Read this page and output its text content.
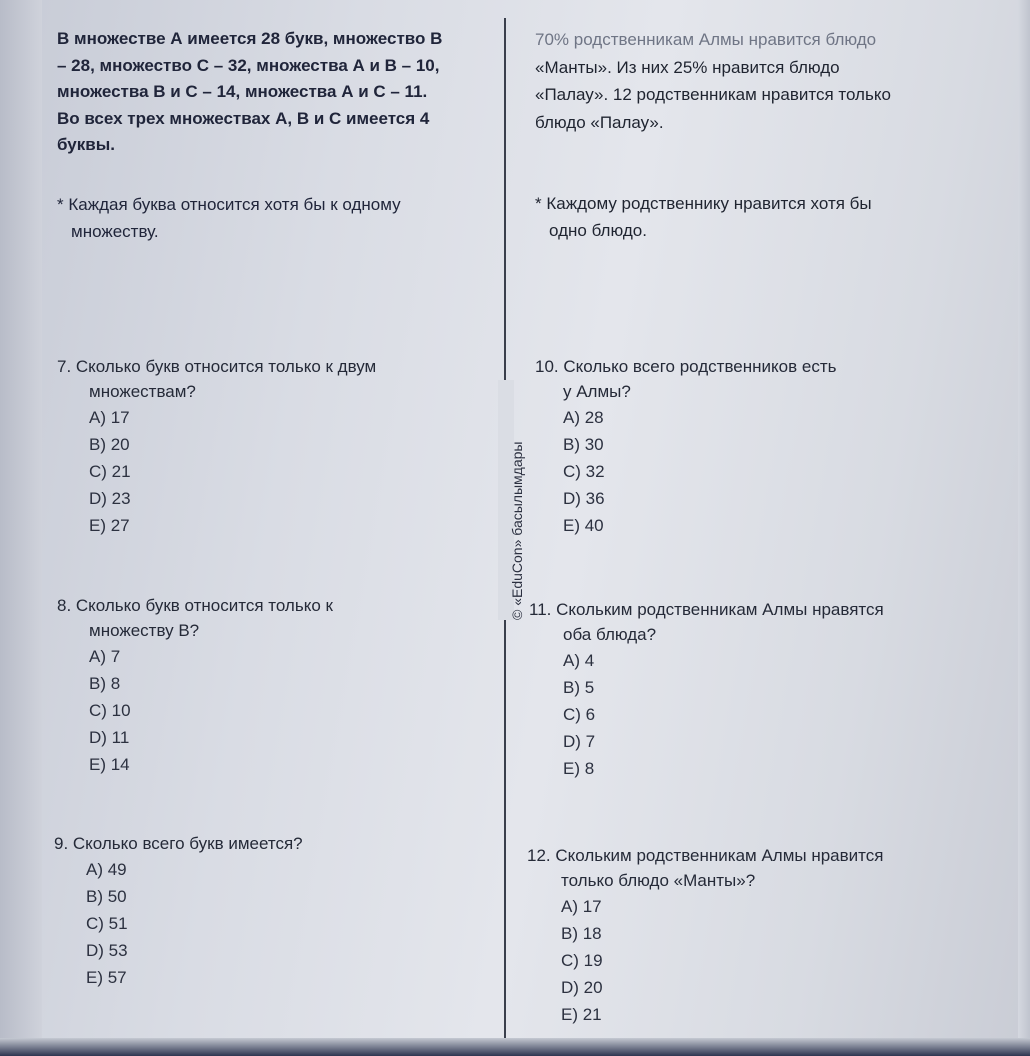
В множестве А имеется 28 букв, множество В
– 28, множество С – 32, множества А и В – 10,
множества В и С – 14, множества А и С – 11.
Во всех трех множествах А, В и С имеется 4
буквы.
* Каждая буква относится хотя бы к одному
множеству.
7. Сколько букв относится только к двум
множествам?
А) 17
В) 20
С) 21
D) 23
Е) 27
8. Сколько букв относится только к
множеству В?
А) 7
В) 8
С) 10
D) 11
Е) 14
9. Сколько всего букв имеется?
А) 49
В) 50
С) 51
D) 53
Е) 57
© «EduCon» басылымдары
70% родственникам Алмы нравится блюдо
«Манты». Из них 25% нравится блюдо
«Палау». 12 родственникам нравится только
блюдо «Палау».
* Каждому родственнику нравится хотя бы
одно блюдо.
10. Сколько всего родственников есть
у Алмы?
А) 28
В) 30
С) 32
D) 36
Е) 40
11. Скольким родственникам Алмы нравятся
оба блюда?
А) 4
В) 5
С) 6
D) 7
Е) 8
12. Скольким родственникам Алмы нравится
только блюдо «Манты»?
А) 17
В) 18
С) 19
D) 20
Е) 21
